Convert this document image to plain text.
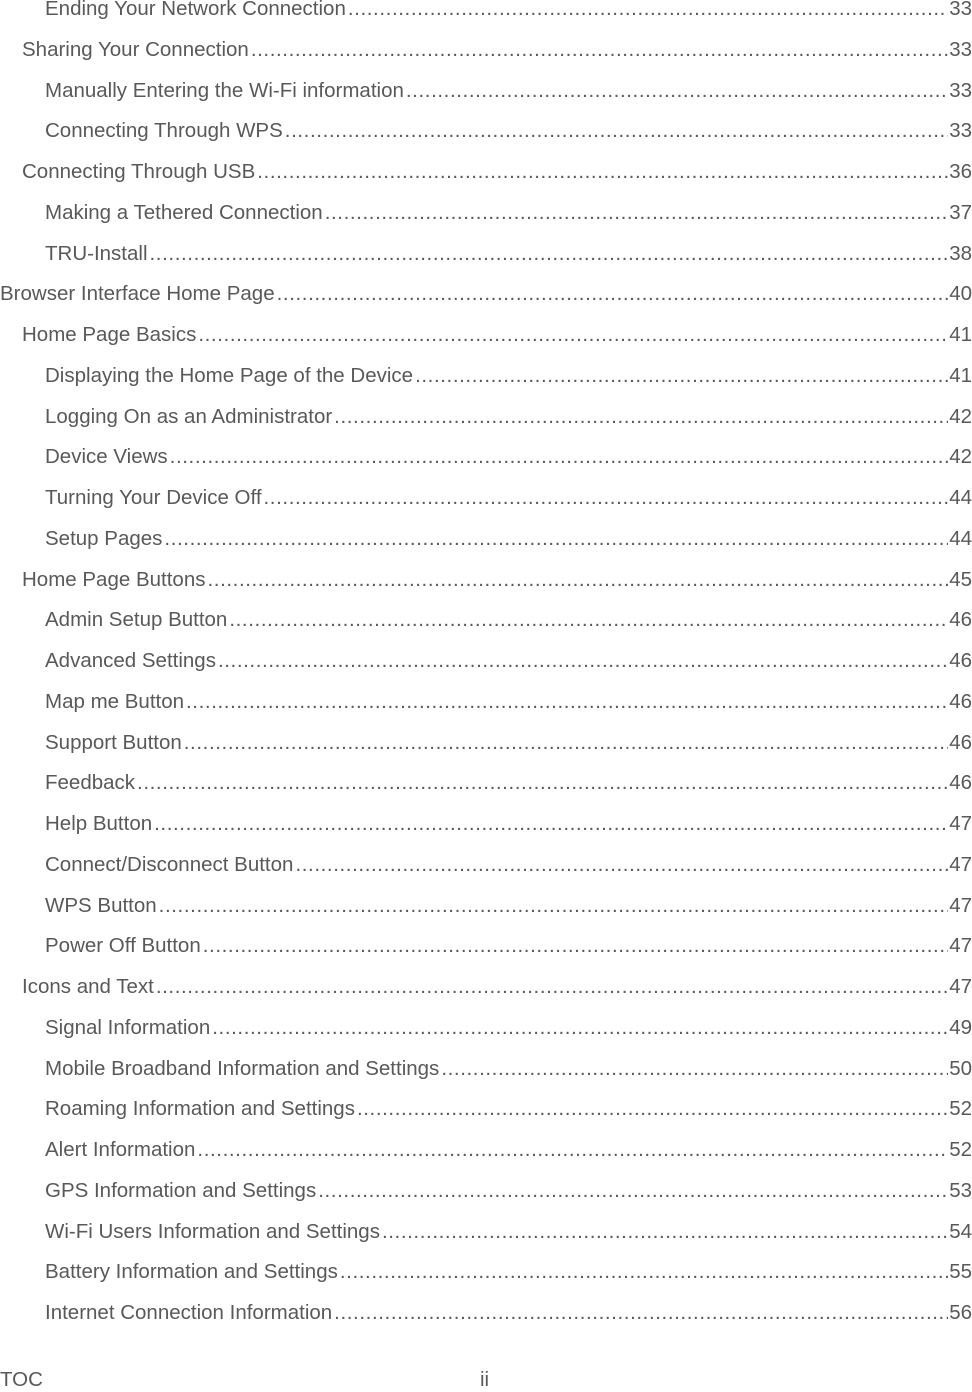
Ending Your Network Connection .....	33
Sharing Your Connection .....	33
Manually Entering the Wi-Fi information .....	33
Connecting Through WPS .....	33
Connecting Through USB .....	36
Making a Tethered Connection .....	37
TRU-Install .....	38
Browser Interface Home Page .....	40
Home Page Basics .....	41
Displaying the Home Page of the Device .....	41
Logging On as an Administrator .....	42
Device Views .....	42
Turning Your Device Off .....	44
Setup Pages .....	44
Home Page Buttons .....	45
Admin Setup Button .....	46
Advanced Settings .....	46
Map me Button .....	46
Support Button .....	46
Feedback .....	46
Help Button .....	47
Connect/Disconnect Button .....	47
WPS Button .....	47
Power Off Button .....	47
Icons and Text .....	47
Signal Information .....	49
Mobile Broadband Information and Settings .....	50
Roaming Information and Settings .....	52
Alert Information .....	52
GPS Information and Settings .....	53
Wi-Fi Users Information and Settings .....	54
Battery Information and Settings .....	55
Internet Connection Information .....	56
TOC	ii
